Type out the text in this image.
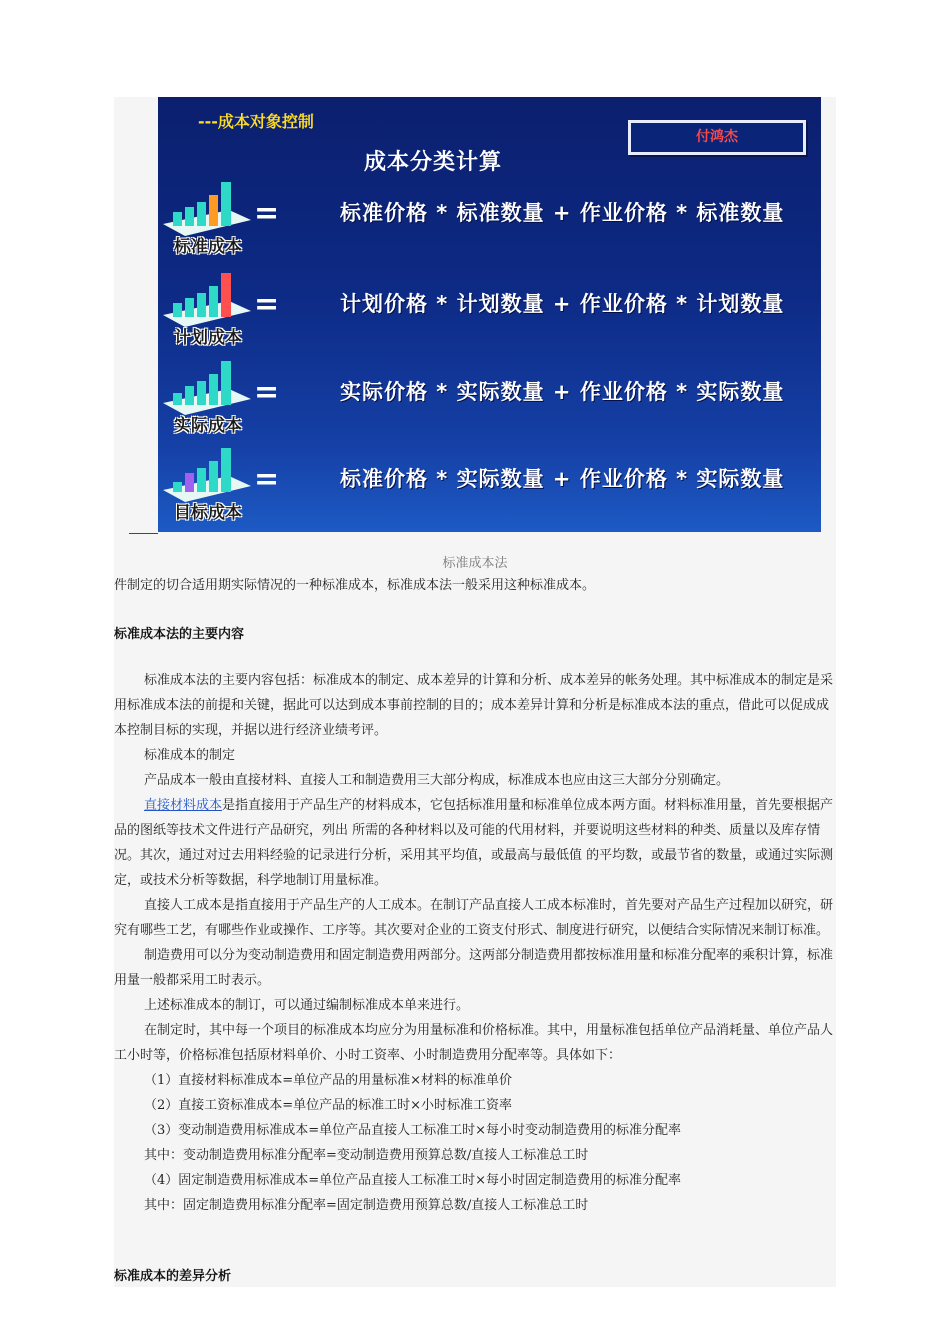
---成本对象控制
付鸿杰
成本分类计算
=
标准成本
标准价格 * 标准数量 + 作业价格 * 标准数量
=
计划成本
计划价格 * 计划数量 + 作业价格 * 计划数量
=
实际成本
实际价格 * 实际数量 + 作业价格 * 实际数量
=
目标成本
标准价格 * 实际数量 + 作业价格 * 实际数量
标准成本法

件制定的切合适用期实际情况的一种标准成本，标准成本法一般采用这种标准成本。

标准成本法的主要内容

标准成本法的主要内容包括：标准成本的制定、成本差异的计算和分析、成本差异的帐务处理。其中标准成本的制定是采用标准成本法的前提和关键，据此可以达到成本事前控制的目的；成本差异计算和分析是标准成本法的重点，借此可以促成成本控制目标的实现，并据以进行经济业绩考评。

标准成本的制定

产品成本一般由直接材料、直接人工和制造费用三大部分构成，标准成本也应由这三大部分分别确定。

直接材料成本是指直接用于产品生产的材料成本，它包括标准用量和标准单位成本两方面。材料标准用量，首先要根据产品的图纸等技术文件进行产品研究，列出 所需的各种材料以及可能的代用材料，并要说明这些材料的种类、质量以及库存情况。其次，通过对过去用料经验的记录进行分析，采用其平均值，或最高与最低值 的平均数，或最节省的数量，或通过实际测定，或技术分析等数据，科学地制订用量标准。

直接人工成本是指直接用于产品生产的人工成本。在制订产品直接人工成本标准时，首先要对产品生产过程加以研究，研究有哪些工艺，有哪些作业或操作、工序等。其次要对企业的工资支付形式、制度进行研究，以便结合实际情况来制订标准。

制造费用可以分为变动制造费用和固定制造费用两部分。这两部分制造费用都按标准用量和标准分配率的乘积计算，标准用量一般都采用工时表示。

上述标准成本的制订，可以通过编制标准成本单来进行。

在制定时，其中每一个项目的标准成本均应分为用量标准和价格标准。其中，用量标准包括单位产品消耗量、单位产品人工小时等，价格标准包括原材料单价、小时工资率、小时制造费用分配率等。具体如下：

（1）直接材料标准成本=单位产品的用量标准×材料的标准单价

（2）直接工资标准成本=单位产品的标准工时×小时标准工资率

（3）变动制造费用标准成本=单位产品直接人工标准工时×每小时变动制造费用的标准分配率

其中：变动制造费用标准分配率=变动制造费用预算总数/直接人工标准总工时

（4）固定制造费用标准成本=单位产品直接人工标准工时×每小时固定制造费用的标准分配率

其中：固定制造费用标准分配率=固定制造费用预算总数/直接人工标准总工时

标准成本的差异分析
